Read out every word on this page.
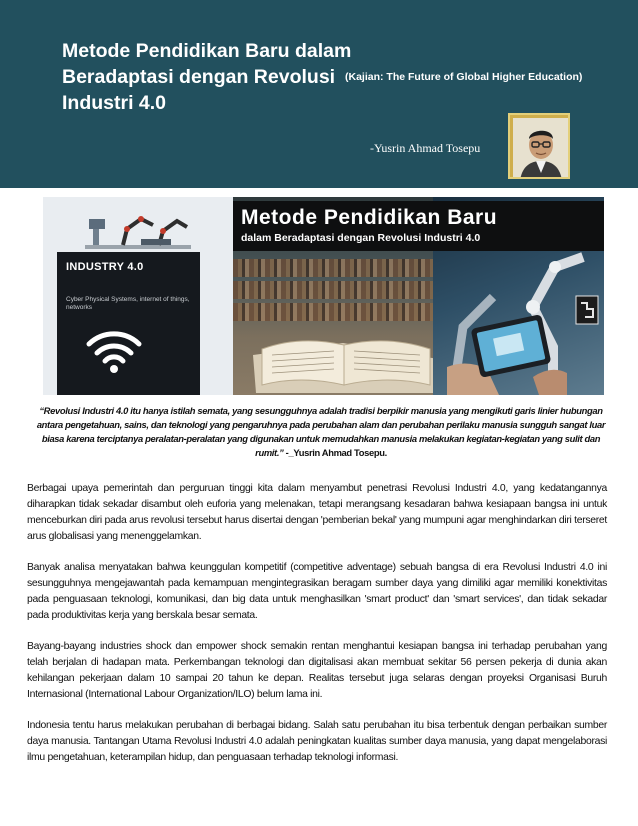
Metode Pendidikan Baru dalam Beradaptasi dengan Revolusi Industri 4.0
(Kajian: The Future of Global Higher Education)
-Yusrin Ahmad Tosepu
INDUSTRY 4.0
Cyber Physical Systems, internet of things, networks
Metode Pendidikan Baru
dalam Beradaptasi dengan Revolusi Industri 4.0
“Revolusi Industri 4.0 itu hanya istilah semata, yang sesungguhnya adalah tradisi berpikir manusia yang mengikuti garis linier hubungan antara pengetahuan, sains, dan teknologi yang pengaruhnya pada perubahan alam dan perubahan perilaku manusia sungguh sangat luar biasa karena terciptanya peralatan-peralatan yang digunakan untuk memudahkan manusia melakukan kegiatan-kegiatan yang sulit dan rumit.” -_Yusrin Ahmad Tosepu.

Berbagai upaya pemerintah dan perguruan tinggi kita dalam menyambut penetrasi Revolusi Industri 4.0, yang kedatangannya diharapkan tidak sekadar disambut oleh euforia yang melenakan, tetapi merangsang kesadaran bahwa kesiapaan bangsa ini untuk menceburkan diri pada arus revolusi tersebut harus disertai dengan 'pemberian bekal' yang mumpuni agar menghindarkan diri terseret arus globalisasi yang menenggelamkan.

Banyak analisa menyatakan bahwa keunggulan kompetitif (competitive adventage) sebuah bangsa di era Revolusi Industri 4.0 ini sesungguhnya mengejawantah pada kemampuan mengintegrasikan beragam sumber daya yang dimiliki agar memiliki konektivitas pada penguasaan teknologi, komunikasi, dan big data untuk menghasilkan 'smart product' dan 'smart services', dan tidak sekadar pada produktivitas kerja yang berskala besar semata.

Bayang-bayang industries shock dan empower shock semakin rentan menghantui kesiapan bangsa ini terhadap perubahan yang telah berjalan di hadapan mata. Perkembangan teknologi dan digitalisasi akan membuat sekitar 56 persen pekerja di dunia akan kehilangan pekerjaan dalam 10 sampai 20 tahun ke depan. Realitas tersebut juga selaras dengan proyeksi Organisasi Buruh Internasional (International Labour Organization/ILO) belum lama ini.

Indonesia tentu harus melakukan perubahan di berbagai bidang. Salah satu perubahan itu bisa terbentuk dengan perbaikan sumber daya manusia. Tantangan Utama Revolusi Industri 4.0 adalah peningkatan kualitas sumber daya manusia, yang dapat mengelaborasi ilmu pengetahuan, keterampilan hidup, dan penguasaan terhadap teknologi informasi.
